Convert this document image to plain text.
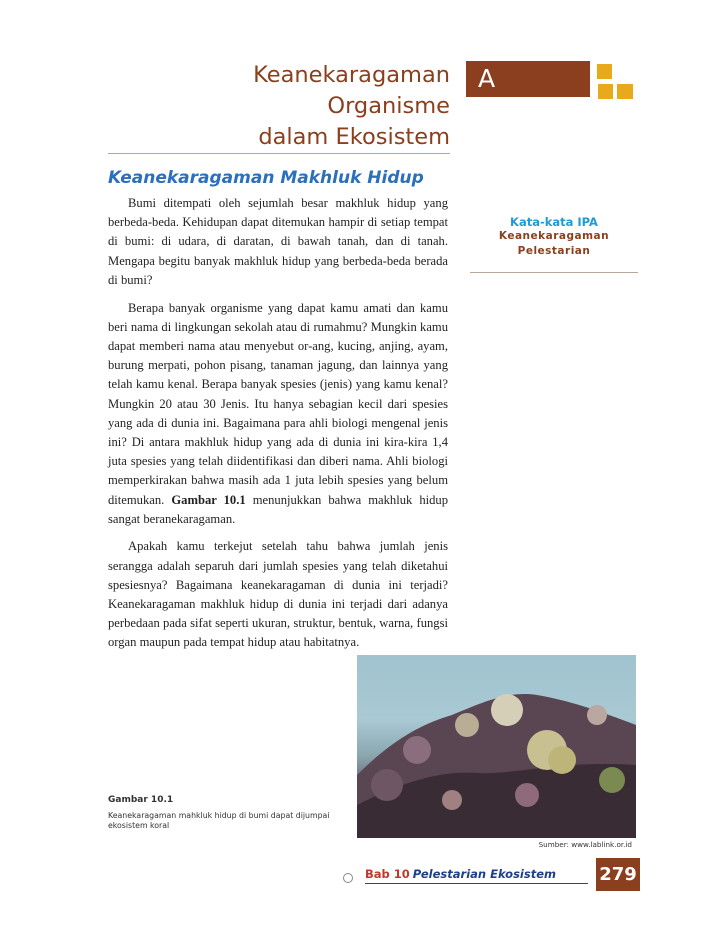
Keanekaragaman
Organisme
dalam Ekosistem
A
Keanekaragaman Makhluk Hidup

Bumi ditempati oleh sejumlah besar makhluk hidup yang berbeda-beda. Kehidupan dapat ditemukan hampir di setiap tempat di bumi: di udara, di daratan, di bawah tanah, dan di tanah. Mengapa begitu banyak makhluk hidup yang berbeda-beda berada di bumi?

Berapa banyak organisme yang dapat kamu amati dan kamu beri nama di lingkungan sekolah atau di rumahmu? Mungkin kamu dapat memberi nama atau menyebut or-ang, kucing, anjing, ayam, burung merpati, pohon pisang, tanaman jagung, dan lainnya yang telah kamu kenal. Berapa banyak spesies (jenis) yang kamu kenal? Mungkin 20 atau 30 Jenis. Itu hanya sebagian kecil dari spesies yang ada di dunia ini. Bagaimana para ahli biologi mengenal jenis ini? Di antara makhluk hidup yang ada di dunia ini kira-kira 1,4 juta spesies yang telah diidentifikasi dan diberi nama. Ahli biologi memperkirakan bahwa masih ada 1 juta lebih spesies yang belum ditemukan. Gambar 10.1 menunjukkan bahwa makhluk hidup sangat beranekaragaman.

Apakah kamu terkejut setelah tahu bahwa jumlah jenis serangga adalah separuh dari jumlah spesies yang telah diketahui spesiesnya? Bagaimana keanekaragaman di dunia ini terjadi? Keanekaragaman makhluk hidup di dunia ini terjadi dari adanya perbedaan pada sifat seperti ukuran, struktur, bentuk, warna, fungsi organ maupun pada tempat hidup atau habitatnya.

Kata-kata IPA
Keanekaragaman
Pelestarian
Gambar 10.1
Keanekaragaman mahkluk hidup di bumi dapat dijumpai ekosistem koral
Sumber: www.lablink.or.id
Bab 10 Pelestarian Ekosistem 279
